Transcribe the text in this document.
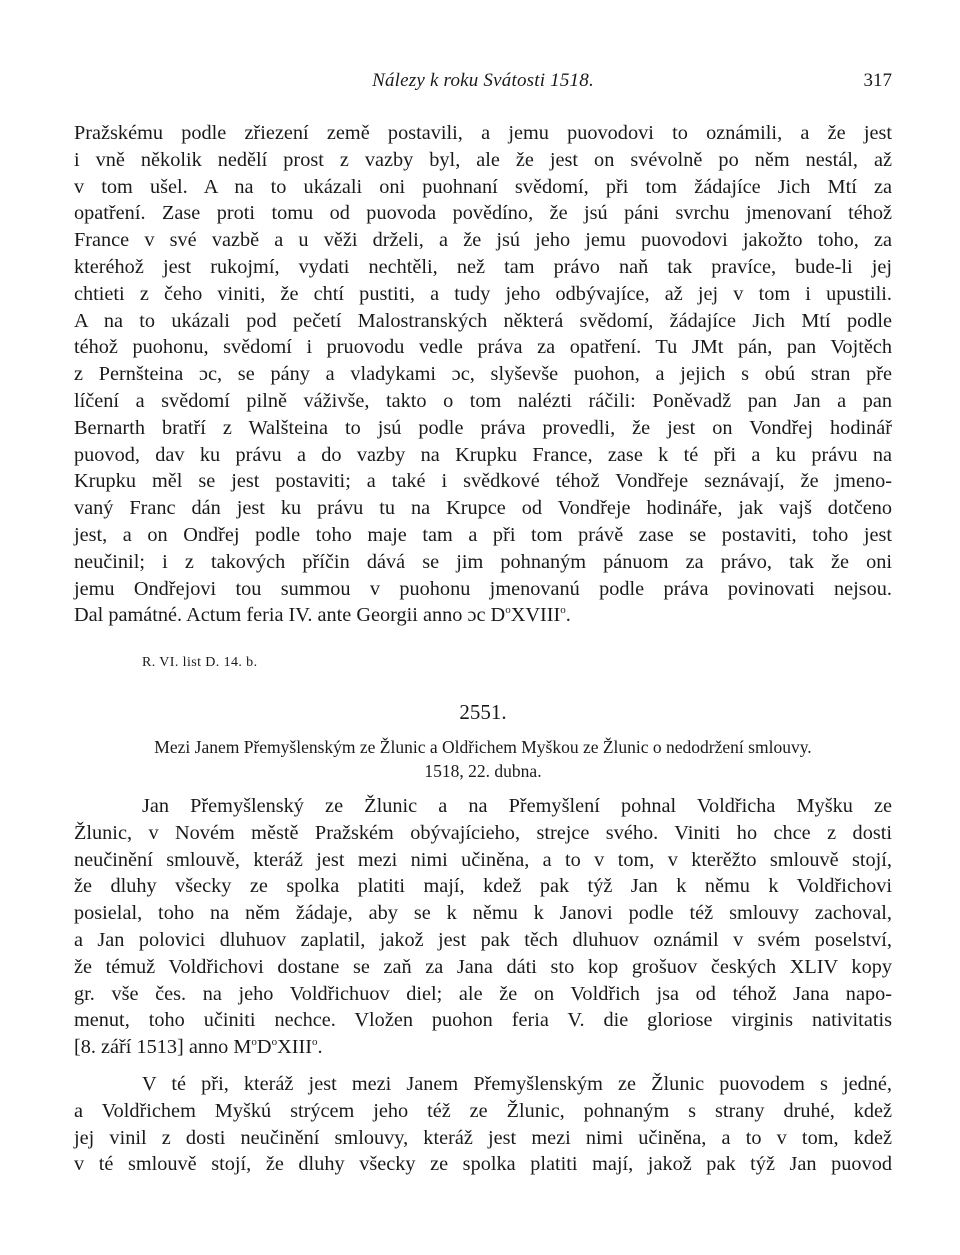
Nálezy k roku Svátosti 1518.	317
Pražskému podle zřiezení země postavili, a jemu puovodovi to oznámili, a že jest
i vně několik nedělí prost z vazby byl, ale že jest on svévolně po něm nestál, až
v tom ušel. A na to ukázali oni puohnaní svědomí, při tom žádajíce Jich Mtí za
opatření. Zase proti tomu od puovoda povědíno, že jsú páni svrchu jmenovaní téhož
France v své vazbě a u věži drželi, a že jsú jeho jemu puovodovi jakožto toho, za
kteréhož jest rukojmí, vydati nechtěli, než tam právo naň tak pravíce, bude-li jej
chtieti z čeho viniti, že chtí pustiti, a tudy jeho odbývajíce, až jej v tom i upustili.
A na to ukázali pod pečetí Malostranských některá svědomí, žádajíce Jich Mtí podle
téhož puohonu, svědomí i pruovodu vedle práva za opatření. Tu JMt pán, pan Vojtěch
z Pernšteina ɔc, se pány a vladykami ɔc, slyševše puohon, a jejich s obú stran pře
líčení a svědomí pilně váživše, takto o tom nalézti ráčili: Poněvadž pan Jan a pan
Bernarth bratří z Walšteina to jsú podle práva provedli, že jest on Vondřej hodinář
puovod, dav ku právu a do vazby na Krupku France, zase k té při a ku právu na
Krupku měl se jest postaviti; a také i svědkové téhož Vondřeje seznávají, že jmeno-
vaný Franc dán jest ku právu tu na Krupce od Vondřeje hodináře, jak vajš dotčeno
jest, a on Ondřej podle toho maje tam a při tom právě zase se postaviti, toho jest
neučinil; i z takových příčin dává se jim pohnaným pánuom za právo, tak že oni
jemu Ondřejovi tou summou v puohonu jmenovanú podle práva povinovati nejsou.
Dal památné. Actum feria IV. ante Georgii anno ɔc $D^oXVIII^o$.
R. VI. list D. 14. b.
2551.
Mezi Janem Přemyšlenským ze Žlunic a Oldřichem Myškou ze Žlunic o nedodržení smlouvy.
1518, 22. dubna.
Jan Přemyšlenský ze Žlunic a na Přemyšlení pohnal Voldřicha Myšku ze
Žlunic, v Novém městě Pražském obývajícieho, strejce svého. Viniti ho chce z dosti
neučinění smlouvě, kteráž jest mezi nimi učiněna, a to v tom, v kterěžto smlouvě stojí,
že dluhy všecky ze spolka platiti mají, kdež pak týž Jan k němu k Voldřichovi
posielal, toho na něm žádaje, aby se k němu k Janovi podle též smlouvy zachoval,
a Jan polovici dluhuov zaplatil, jakož jest pak těch dluhuov oznámil v svém poselství,
že témuž Voldřichovi dostane se zaň za Jana dáti sto kop grošuov českých XLIV kopy
gr. vše čes. na jeho Voldřichuov diel; ale že on Voldřich jsa od téhož Jana napo-
menut, toho učiniti nechce. Vložen puohon feria V. die gloriose virginis nativitatis
[8. září 1513] anno $M^oD^oXIII^o$.
V té při, kteráž jest mezi Janem Přemyšlenským ze Žlunic puovodem s jedné,
a Voldřichem Myškú strýcem jeho též ze Žlunic, pohnaným s strany druhé, kdež
jej vinil z dosti neučinění smlouvy, kteráž jest mezi nimi učiněna, a to v tom, kdež
v té smlouvě stojí, že dluhy všecky ze spolka platiti mají, jakož pak týž Jan puovod
